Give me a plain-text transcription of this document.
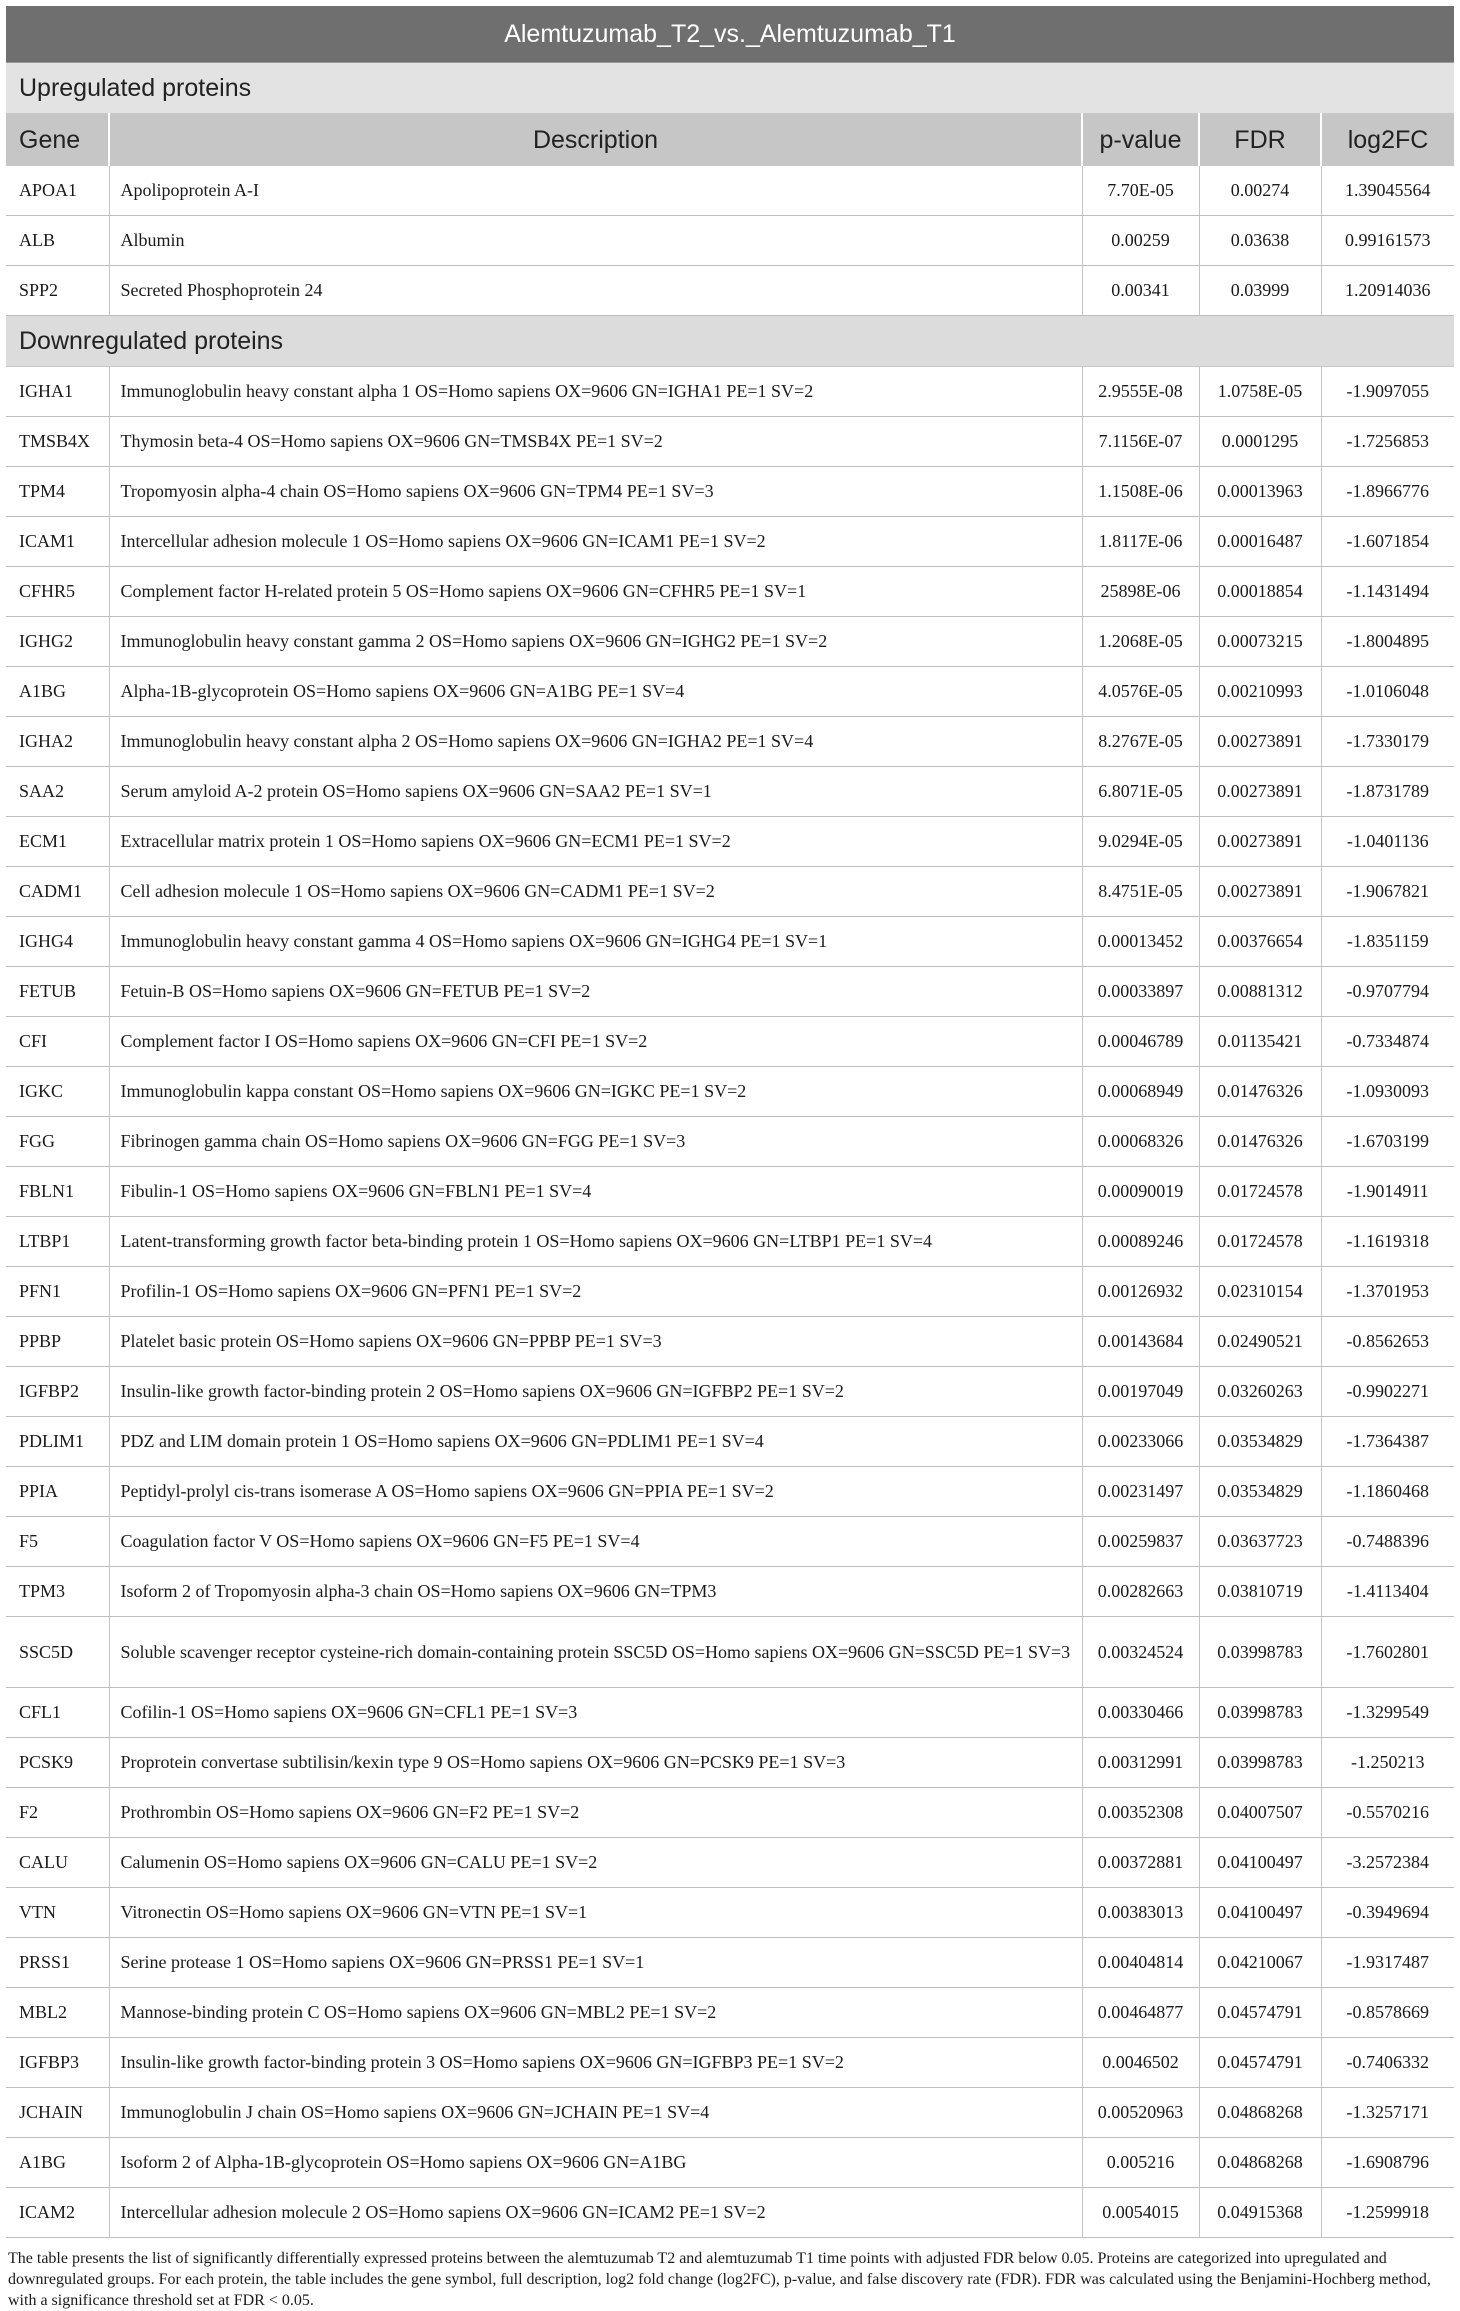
Alemtuzumab_T2_vs._Alemtuzumab_T1				
Upregulated proteins				
Gene	Description	p-value	FDR	log2FC
APOA1	Apolipoprotein A-I	7.70E-05	0.00274	1.39045564
ALB	Albumin	0.00259	0.03638	0.99161573
SPP2	Secreted Phosphoprotein 24	0.00341	0.03999	1.20914036
Downregulated proteins				
IGHA1	Immunoglobulin heavy constant alpha 1 OS=Homo sapiens OX=9606 GN=IGHA1 PE=1 SV=2	2.9555E-08	1.0758E-05	-1.9097055
TMSB4X	Thymosin beta-4 OS=Homo sapiens OX=9606 GN=TMSB4X PE=1 SV=2	7.1156E-07	0.0001295	-1.7256853
TPM4	Tropomyosin alpha-4 chain OS=Homo sapiens OX=9606 GN=TPM4 PE=1 SV=3	1.1508E-06	0.00013963	-1.8966776
ICAM1	Intercellular adhesion molecule 1 OS=Homo sapiens OX=9606 GN=ICAM1 PE=1 SV=2	1.8117E-06	0.00016487	-1.6071854
CFHR5	Complement factor H-related protein 5 OS=Homo sapiens OX=9606 GN=CFHR5 PE=1 SV=1	25898E-06	0.00018854	-1.1431494
IGHG2	Immunoglobulin heavy constant gamma 2 OS=Homo sapiens OX=9606 GN=IGHG2 PE=1 SV=2	1.2068E-05	0.00073215	-1.8004895
A1BG	Alpha-1B-glycoprotein OS=Homo sapiens OX=9606 GN=A1BG PE=1 SV=4	4.0576E-05	0.00210993	-1.0106048
IGHA2	Immunoglobulin heavy constant alpha 2 OS=Homo sapiens OX=9606 GN=IGHA2 PE=1 SV=4	8.2767E-05	0.00273891	-1.7330179
SAA2	Serum amyloid A-2 protein OS=Homo sapiens OX=9606 GN=SAA2 PE=1 SV=1	6.8071E-05	0.00273891	-1.8731789
ECM1	Extracellular matrix protein 1 OS=Homo sapiens OX=9606 GN=ECM1 PE=1 SV=2	9.0294E-05	0.00273891	-1.0401136
CADM1	Cell adhesion molecule 1 OS=Homo sapiens OX=9606 GN=CADM1 PE=1 SV=2	8.4751E-05	0.00273891	-1.9067821
IGHG4	Immunoglobulin heavy constant gamma 4 OS=Homo sapiens OX=9606 GN=IGHG4 PE=1 SV=1	0.00013452	0.00376654	-1.8351159
FETUB	Fetuin-B OS=Homo sapiens OX=9606 GN=FETUB PE=1 SV=2	0.00033897	0.00881312	-0.9707794
CFI	Complement factor I OS=Homo sapiens OX=9606 GN=CFI PE=1 SV=2	0.00046789	0.01135421	-0.7334874
IGKC	Immunoglobulin kappa constant OS=Homo sapiens OX=9606 GN=IGKC PE=1 SV=2	0.00068949	0.01476326	-1.0930093
FGG	Fibrinogen gamma chain OS=Homo sapiens OX=9606 GN=FGG PE=1 SV=3	0.00068326	0.01476326	-1.6703199
FBLN1	Fibulin-1 OS=Homo sapiens OX=9606 GN=FBLN1 PE=1 SV=4	0.00090019	0.01724578	-1.9014911
LTBP1	Latent-transforming growth factor beta-binding protein 1 OS=Homo sapiens OX=9606 GN=LTBP1 PE=1 SV=4	0.00089246	0.01724578	-1.1619318
PFN1	Profilin-1 OS=Homo sapiens OX=9606 GN=PFN1 PE=1 SV=2	0.00126932	0.02310154	-1.3701953
PPBP	Platelet basic protein OS=Homo sapiens OX=9606 GN=PPBP PE=1 SV=3	0.00143684	0.02490521	-0.8562653
IGFBP2	Insulin-like growth factor-binding protein 2 OS=Homo sapiens OX=9606 GN=IGFBP2 PE=1 SV=2	0.00197049	0.03260263	-0.9902271
PDLIM1	PDZ and LIM domain protein 1 OS=Homo sapiens OX=9606 GN=PDLIM1 PE=1 SV=4	0.00233066	0.03534829	-1.7364387
PPIA	Peptidyl-prolyl cis-trans isomerase A OS=Homo sapiens OX=9606 GN=PPIA PE=1 SV=2	0.00231497	0.03534829	-1.1860468
F5	Coagulation factor V OS=Homo sapiens OX=9606 GN=F5 PE=1 SV=4	0.00259837	0.03637723	-0.7488396
TPM3	Isoform 2 of Tropomyosin alpha-3 chain OS=Homo sapiens OX=9606 GN=TPM3	0.00282663	0.03810719	-1.4113404
SSC5D	Soluble scavenger receptor cysteine-rich domain-containing protein SSC5D OS=Homo sapiens OX=9606 GN=SSC5D PE=1 SV=3	0.00324524	0.03998783	-1.7602801
CFL1	Cofilin-1 OS=Homo sapiens OX=9606 GN=CFL1 PE=1 SV=3	0.00330466	0.03998783	-1.3299549
PCSK9	Proprotein convertase subtilisin/kexin type 9 OS=Homo sapiens OX=9606 GN=PCSK9 PE=1 SV=3	0.00312991	0.03998783	-1.250213
F2	Prothrombin OS=Homo sapiens OX=9606 GN=F2 PE=1 SV=2	0.00352308	0.04007507	-0.5570216
CALU	Calumenin OS=Homo sapiens OX=9606 GN=CALU PE=1 SV=2	0.00372881	0.04100497	-3.2572384
VTN	Vitronectin OS=Homo sapiens OX=9606 GN=VTN PE=1 SV=1	0.00383013	0.04100497	-0.3949694
PRSS1	Serine protease 1 OS=Homo sapiens OX=9606 GN=PRSS1 PE=1 SV=1	0.00404814	0.04210067	-1.9317487
MBL2	Mannose-binding protein C OS=Homo sapiens OX=9606 GN=MBL2 PE=1 SV=2	0.00464877	0.04574791	-0.8578669
IGFBP3	Insulin-like growth factor-binding protein 3 OS=Homo sapiens OX=9606 GN=IGFBP3 PE=1 SV=2	0.0046502	0.04574791	-0.7406332
JCHAIN	Immunoglobulin J chain OS=Homo sapiens OX=9606 GN=JCHAIN PE=1 SV=4	0.00520963	0.04868268	-1.3257171
A1BG	Isoform 2 of Alpha-1B-glycoprotein OS=Homo sapiens OX=9606 GN=A1BG	0.005216	0.04868268	-1.6908796
ICAM2	Intercellular adhesion molecule 2 OS=Homo sapiens OX=9606 GN=ICAM2 PE=1 SV=2	0.0054015	0.04915368	-1.2599918
The table presents the list of significantly differentially expressed proteins between the alemtuzumab T2 and alemtuzumab T1 time points with adjusted FDR below 0.05. Proteins are categorized into upregulated and downregulated groups. For each protein, the table includes the gene symbol, full description, log2 fold change (log2FC), p-value, and false discovery rate (FDR). FDR was calculated using the Benjamini-Hochberg method, with a significance threshold set at FDR < 0.05.
